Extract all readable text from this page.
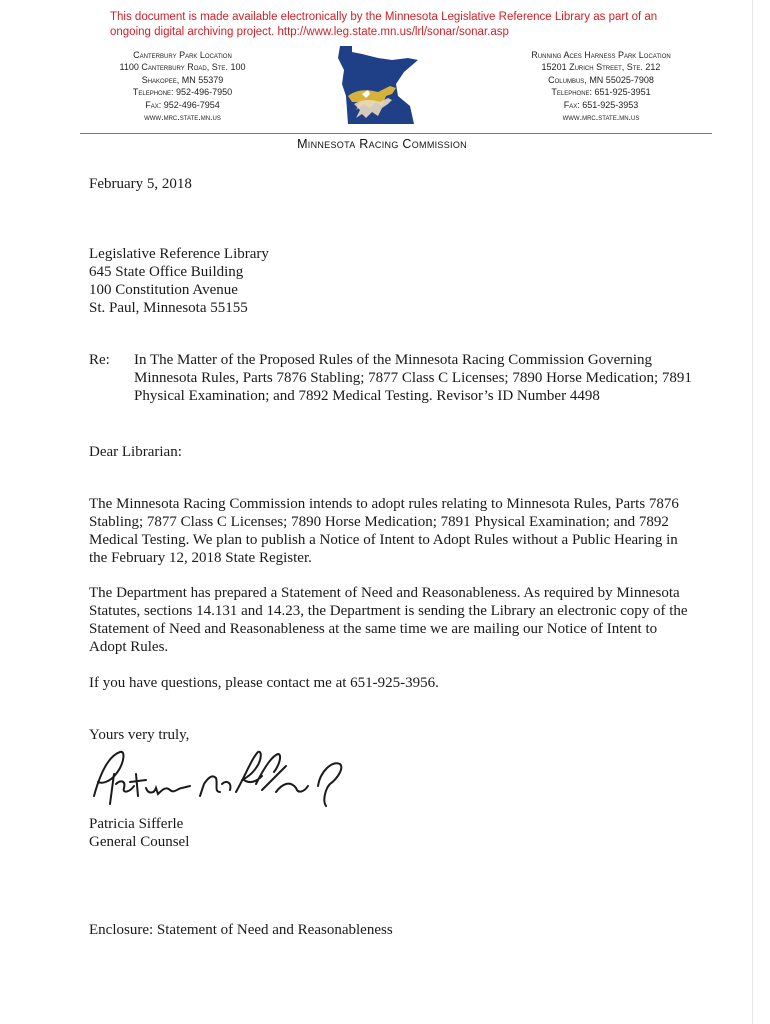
This document is made available electronically by the Minnesota Legislative Reference Library as part of an
ongoing digital archiving project. http://www.leg.state.mn.us/lrl/sonar/sonar.asp
Canterbury Park Location
1100 Canterbury Road, Ste. 100
Shakopee, MN 55379
Telephone: 952-496-7950
Fax: 952-496-7954
www.mrc.state.mn.us
Running Aces Harness Park Location
15201 Zurich Street, Ste. 212
Columbus, MN 55025-7908
Telephone: 651-925-3951
Fax: 651-925-3953
www.mrc.state.mn.us
Minnesota Racing Commission
February 5, 2018
Legislative Reference Library
645 State Office Building
100 Constitution Avenue
St. Paul, Minnesota 55155
Re: In The Matter of the Proposed Rules of the Minnesota Racing Commission Governing Minnesota Rules, Parts 7876 Stabling; 7877 Class C Licenses; 7890 Horse Medication; 7891 Physical Examination; and 7892 Medical Testing. Revisor’s ID Number 4498
Dear Librarian:
The Minnesota Racing Commission intends to adopt rules relating to Minnesota Rules, Parts 7876 Stabling; 7877 Class C Licenses; 7890 Horse Medication; 7891 Physical Examination; and 7892 Medical Testing. We plan to publish a Notice of Intent to Adopt Rules without a Public Hearing in the February 12, 2018 State Register.
The Department has prepared a Statement of Need and Reasonableness. As required by Minnesota Statutes, sections 14.131 and 14.23, the Department is sending the Library an electronic copy of the Statement of Need and Reasonableness at the same time we are mailing our Notice of Intent to Adopt Rules.
If you have questions, please contact me at 651-925-3956.
Yours very truly,
Patricia Sifferle
General Counsel
Enclosure: Statement of Need and Reasonableness
